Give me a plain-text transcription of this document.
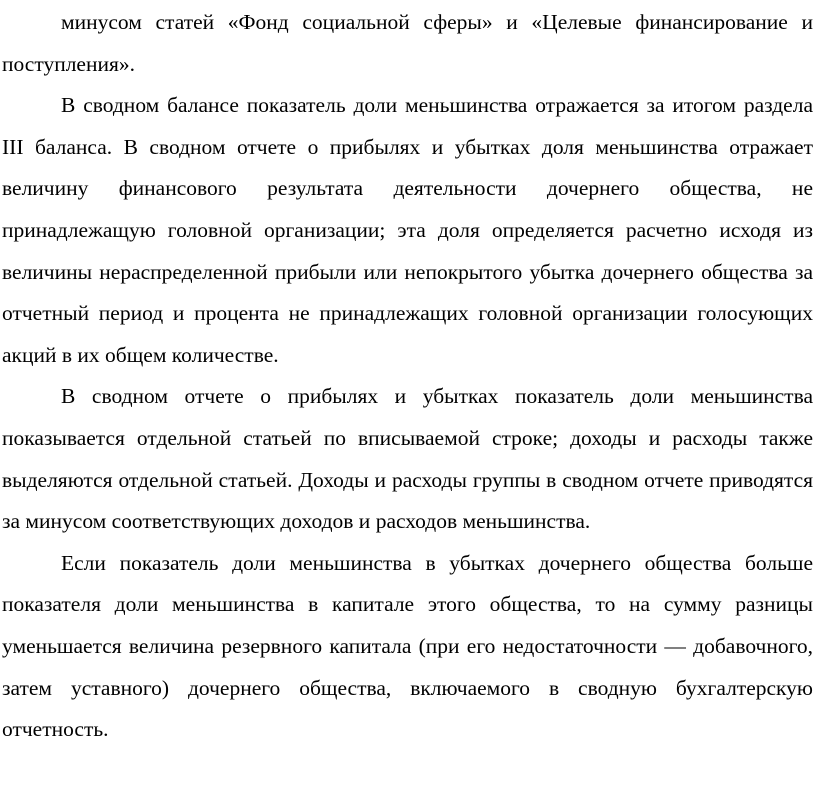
минусом статей «Фонд социальной сферы» и «Целевые финансирование и поступления».

В сводном балансе показатель доли меньшинства отражается за итогом раздела III баланса. В сводном отчете о прибылях и убытках доля меньшинства отражает величину финансового результата деятельности дочернего общества, не принадлежащую головной организации; эта доля определяется расчетно исходя из величины нераспределенной прибыли или непокрытого убытка дочернего общества за отчетный период и процента не принадлежащих головной организации голосующих акций в их общем количестве.

В сводном отчете о прибылях и убытках показатель доли меньшинства показывается отдельной статьей по вписываемой строке; доходы и расходы также выделяются отдельной статьей. Доходы и расходы группы в сводном отчете приводятся за минусом соответствующих доходов и расходов меньшинства.

Если показатель доли меньшинства в убытках дочернего общества больше показателя доли меньшинства в капитале этого общества, то на сумму разницы уменьшается величина резервного капитала (при его недостаточности — добавочного, затем уставного) дочернего общества, включаемого в сводную бухгалтерскую отчетность.
